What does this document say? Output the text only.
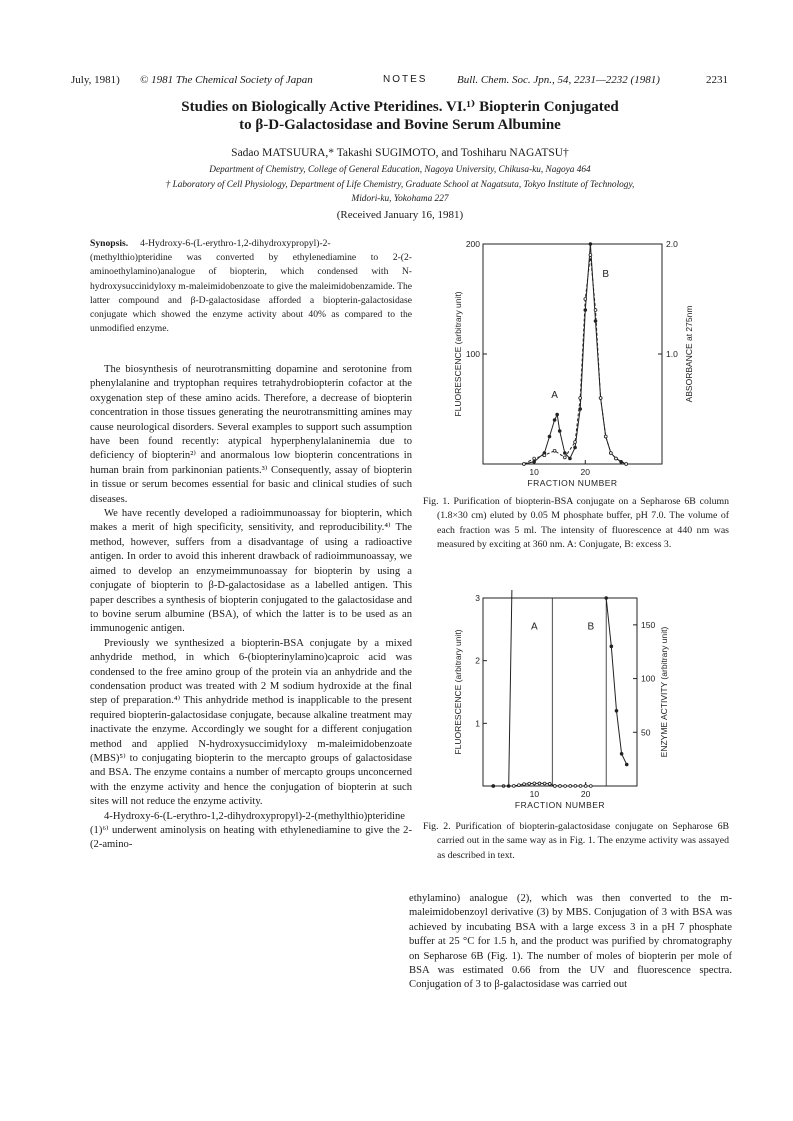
July, 1981) © 1981 The Chemical Society of Japan	NOTES	Bull. Chem. Soc. Jpn., 54, 2231—2232 (1981)	2231
Studies on Biologically Active Pteridines. VI.¹⁾ Biopterin Conjugated
to β-D-Galactosidase and Bovine Serum Albumine
Sadao MATSUURA,* Takashi SUGIMOTO, and Toshiharu NAGATSU†
Department of Chemistry, College of General Education, Nagoya University, Chikusa-ku, Nagoya 464
† Laboratory of Cell Physiology, Department of Life Chemistry, Graduate School at Nagatsuta, Tokyo Institute of Technology,
Midori-ku, Yokohama 227
(Received January 16, 1981)
Synopsis. 4-Hydroxy-6-(L-erythro-1,2-dihydroxypropyl)-2-(methylthio)pteridine was converted by ethylenediamine to 2-(2-aminoethylamino)analogue of biopterin, which condensed with N-hydroxysuccinidyloxy m-maleimidobenzoate to give the maleimidobenzamide. The latter compound and β-D-galactosidase afforded a biopterin-galactosidase conjugate which showed the enzyme activity about 40% as compared to the unmodified enzyme.

The biosynthesis of neurotransmitting dopamine and serotonine from phenylalanine and tryptophan requires tetrahydrobiopterin cofactor at the oxygenation step of these amino acids. Therefore, a decrease of biopterin concentration in those tissues generating the neurotransmitting amines may cause neurological disorders. Several examples to support such assumption have been found recently: atypical hyperphenylalaninemia due to deficiency of biopterin²⁾ and anormalous low biopterin concentrations in human brain from parkinonian patients.³⁾ Consequently, assay of biopterin in tissue or serum becomes essential for basic and clinical studies of such diseases.

We have recently developed a radioimmunoassay for biopterin, which makes a merit of high specificity, sensitivity, and reproducibility.⁴⁾ The method, however, suffers from a disadvantage of using a radioactive antigen. In order to avoid this inherent drawback of radioimmunoassay, we aimed to develop an enzymeimmunoassay for biopterin by using a conjugate of biopterin to β-D-galactosidase as a labelled antigen. This paper describes a synthesis of biopterin conjugated to the galactosidase and to bovine serum albumine (BSA), of which the latter is to be used as an immunogenic antigen.

Previously we synthesized a biopterin-BSA conjugate by a mixed anhydride method, in which 6-(biopterinylamino)caproic acid was condensed to the free amino group of the protein via an anhydride and the condensation product was treated with 2 M sodium hydroxide at the final step of preparation.⁴⁾ This anhydride method is inapplicable to the present required biopterin-galactosidase conjugate, because alkaline treatment may inactivate the enzyme. Accordingly we sought for a different conjugation method and applied N-hydroxysuccimidyloxy m-maleimidobenzoate (MBS)⁵⁾ to conjugating biopterin to the mercapto groups of galactosidase and BSA. The enzyme contains a number of mercapto groups unconcerned with the enzyme activity and hence the conjugation of biopterin at such sites will not reduce the enzyme activity.

4-Hydroxy-6-(L-erythro-1,2-dihydroxypropyl)-2-(methylthio)pteridine (1)⁶⁾ underwent aminolysis on heating with ethylenediamine to give the 2-(2-amino-

10	20
100
200
1.0
2.0
FRACTION NUMBER
FLUORESCENCE (arbitrary unit)	ABSORBANCE at 275nm
A
B
Fig. 1. Purification of biopterin-BSA conjugate on a Sepharose 6B column (1.8×30 cm) eluted by 0.05 M phosphate buffer, pH 7.0. The volume of each fraction was 5 ml. The intensity of fluorescence at 440 nm was measured by exciting at 360 nm. A: Conjugate, B: excess 3.
10	20
1
2
3
50
100
150
FRACTION NUMBER
FLUORESCENCE (arbitrary unit)	ENZYME ACTIVITY (arbitrary unit)
A	B
Fig. 2. Purification of biopterin-galactosidase conjugate on Sepharose 6B carried out in the same way as in Fig. 1. The enzyme activity was assayed as described in text.

ethylamino) analogue (2), which was then converted to the m-maleimidobenzoyl derivative (3) by MBS. Conjugation of 3 with BSA was achieved by incubating BSA with a large excess 3 in a pH 7 phosphate buffer at 25 °C for 1.5 h, and the product was purified by chromatography on Sepharose 6B (Fig. 1). The number of moles of biopterin per mole of BSA was estimated 0.66 from the UV and fluorescence spectra. Conjugation of 3 to β-galactosidase was carried out
